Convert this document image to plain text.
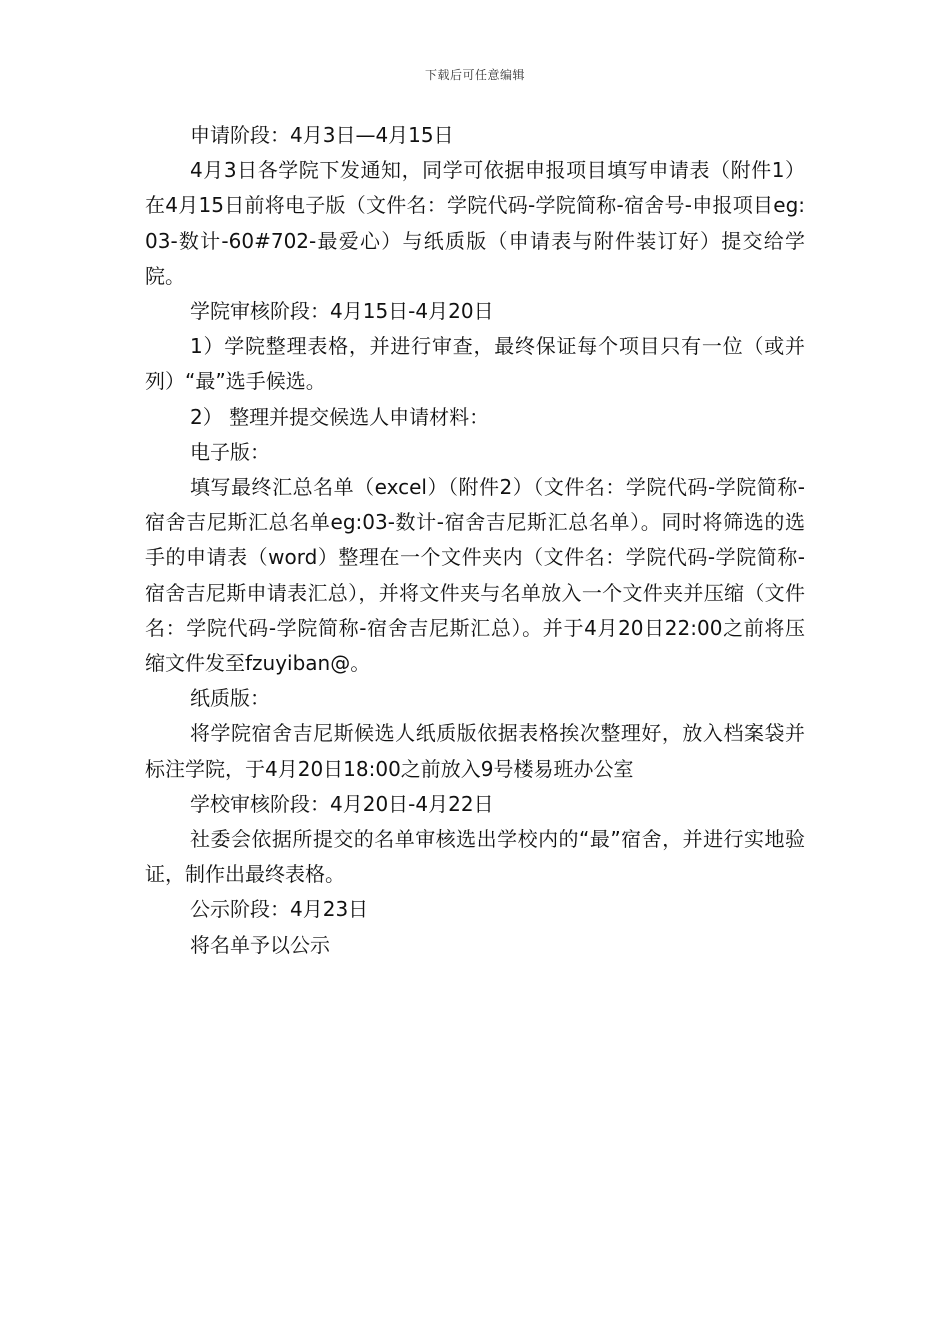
下载后可任意编辑

申请阶段：4月3日—4月15日

4月3日各学院下发通知，同学可依据申报项目填写申请表（附件1）在4月15日前将电子版（文件名：学院代码-学院简称-宿舍号-申报项目eg:03-数计-60#702-最爱心）与纸质版（申请表与附件装订好）提交给学院。

学院审核阶段：4月15日-4月20日

1）学院整理表格，并进行审查，最终保证每个项目只有一位（或并列）“最”选手候选。

2） 整理并提交候选人申请材料：

电子版：

填写最终汇总名单（excel）（附件2）（文件名：学院代码-学院简称-宿舍吉尼斯汇总名单eg:03-数计-宿舍吉尼斯汇总名单）。同时将筛选的选手的申请表（word）整理在一个文件夹内（文件名：学院代码-学院简称-宿舍吉尼斯申请表汇总），并将文件夹与名单放入一个文件夹并压缩（文件名：学院代码-学院简称-宿舍吉尼斯汇总）。并于4月20日22:00之前将压缩文件发至fzuyiban@。

纸质版：

将学院宿舍吉尼斯候选人纸质版依据表格挨次整理好，放入档案袋并标注学院，于4月20日18:00之前放入9号楼易班办公室

学校审核阶段：4月20日-4月22日

社委会依据所提交的名单审核选出学校内的“最”宿舍，并进行实地验证，制作出最终表格。

公示阶段：4月23日

将名单予以公示
